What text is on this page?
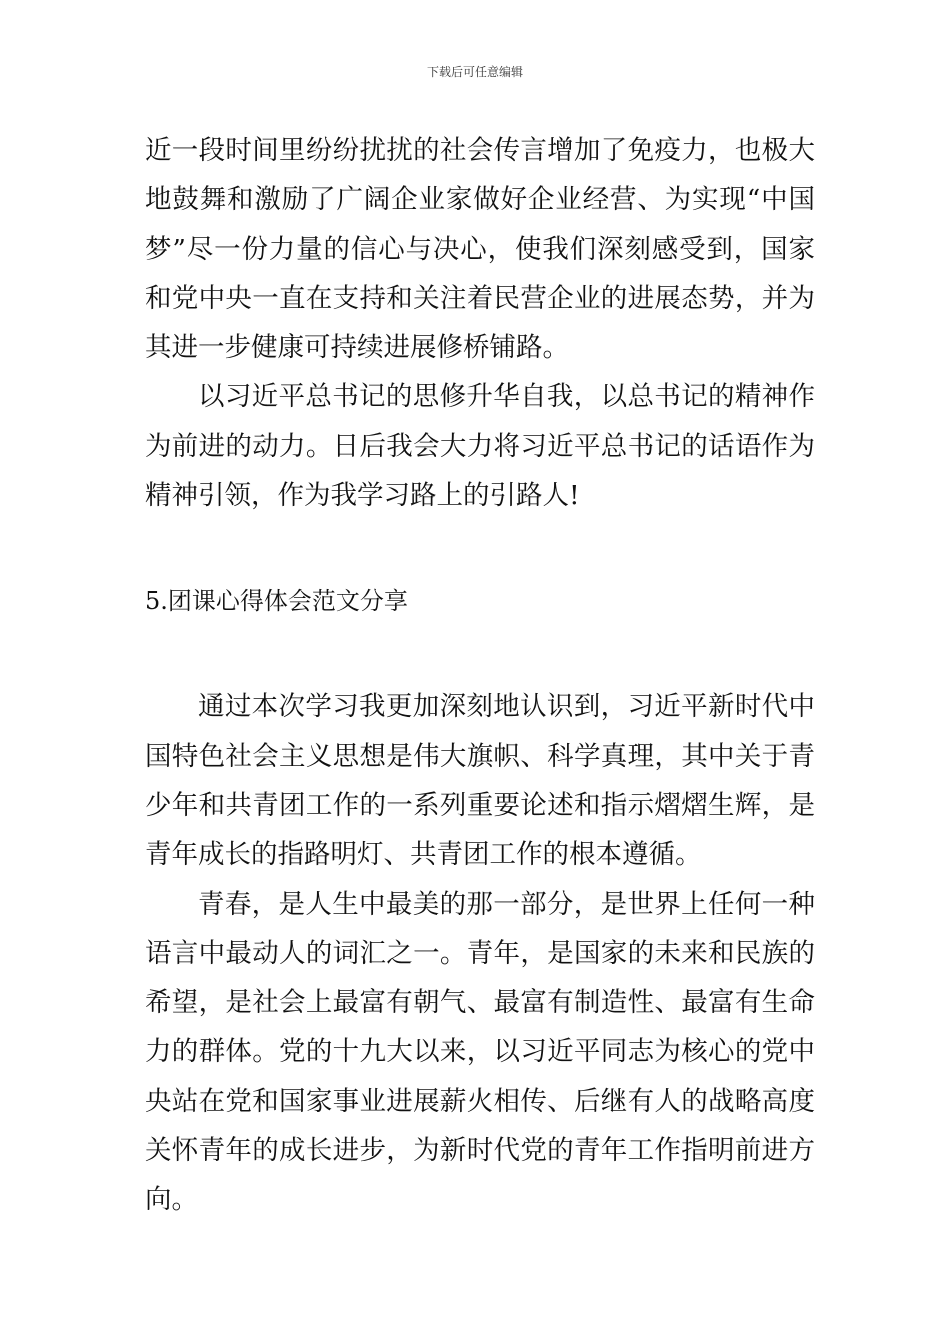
下载后可任意编辑

近一段时间里纷纷扰扰的社会传言增加了免疫力，也极大地鼓舞和激励了广阔企业家做好企业经营、为实现“中国梦”尽一份力量的信心与决心，使我们深刻感受到，国家和党中央一直在支持和关注着民营企业的进展态势，并为其进一步健康可持续进展修桥铺路。

以习近平总书记的思修升华自我，以总书记的精神作为前进的动力。日后我会大力将习近平总书记的话语作为精神引领，作为我学习路上的引路人!

5.团课心得体会范文分享

通过本次学习我更加深刻地认识到，习近平新时代中国特色社会主义思想是伟大旗帜、科学真理，其中关于青少年和共青团工作的一系列重要论述和指示熠熠生辉，是青年成长的指路明灯、共青团工作的根本遵循。

青春，是人生中最美的那一部分，是世界上任何一种语言中最动人的词汇之一。青年，是国家的未来和民族的希望，是社会上最富有朝气、最富有制造性、最富有生命力的群体。党的十九大以来，以习近平同志为核心的党中央站在党和国家事业进展薪火相传、后继有人的战略高度关怀青年的成长进步，为新时代党的青年工作指明前进方向。
